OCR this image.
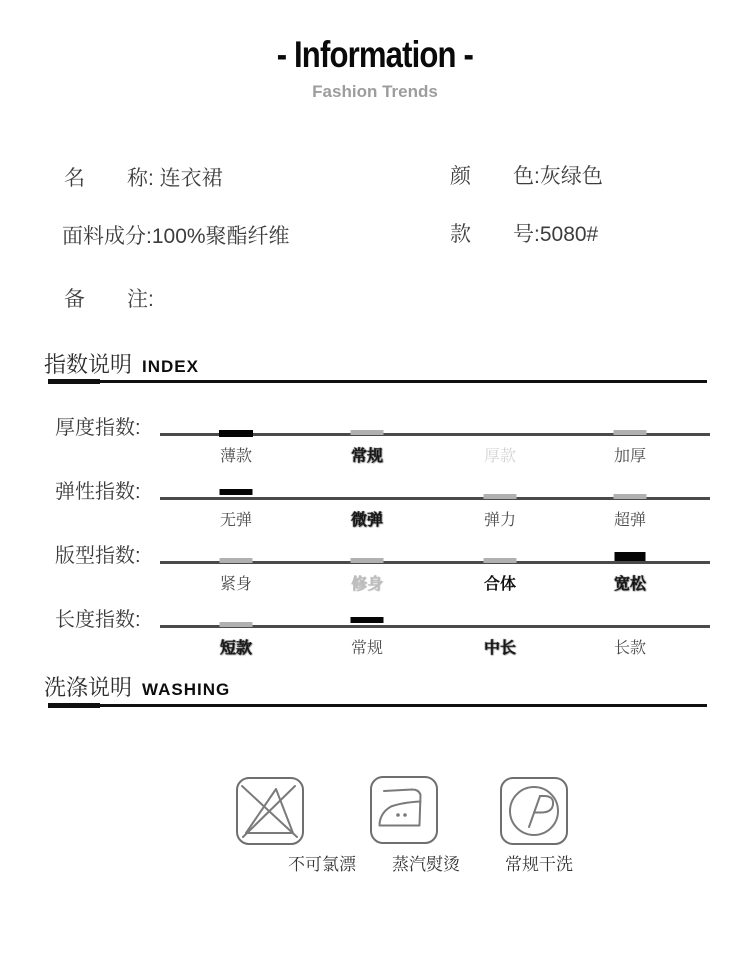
- Information -
Fashion Trends
名　　称: 连衣裙	颜　　色:灰绿色
面料成分:100%聚酯纤维	款　　号:5080#
备　　注:
指数说明 INDEX
厚度指数:
薄款	常规	厚款	加厚
弹性指数:
无弹	微弹	弹力	超弹
版型指数:
紧身	修身	合体	宽松
长度指数:
短款	常规	中长	长款
洗涤说明 WASHING
不可氯漂 蒸汽熨烫	常规干洗
